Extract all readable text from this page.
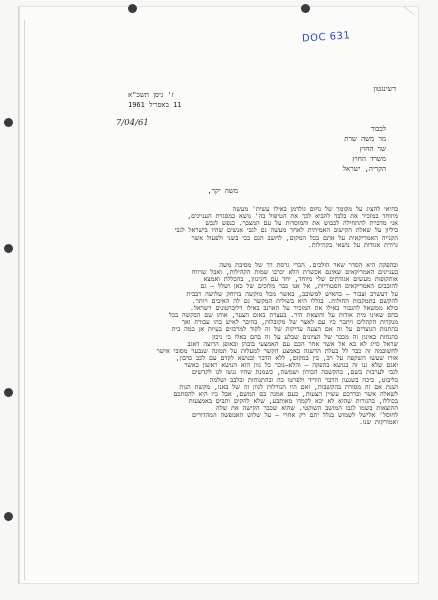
DOC 631
דשינגטון
ז' ניסן תשכ"א
11 באפריל 1961
7/04/61
לכבוד
מר משה שרת
שר החוץ
משרד החוץ
הקריה, ישראל
משה יקר,
בהיאי להציג על מקומך של נחום גולדמן באילו עשית' מעשה
מיזוחד במזכיר את בלבד להביא לכך את הטיפול בה' נושא במסגרת העניינים,
אני מדברת להתחילה לכבוש את והמוסדות על עם המצבך. כנפש לגבש
ביליון על שאלת הקישוב האמיתית לאחר מעשה גם לגבי אנשים שהיו בישראל לגבי
הקנייה האמריקאית על אתם בכל המקום, לחשב הגם בכי בשני ולפעול אשר
גרורת אגודות על נושאי בקהילות.
ובהפקה היא הסדר שאר הולכים. הכרי גרסת דך של מסיבת משה
בעניינים האמריקאים שאינם אכשרת הלא יכרבו שמות הקהילות, ואבל שרווח
אותקופות מעשים אגודתים שלי מיוחד, יחד עם דוגינזון, בהכללת ואמצא
להובבים האמריקאים הסטוריות, אל אנו כבר מלוכים של כאן ושלל – גם
על דעשרב וצבור – בהאיש למשובב, באשר מכל מוקשה ברוחק שלושה רבבית
להקשם בתמקבות החולות. בגללו היא בשולית המקשר גם לה האיבים ויותר.
בולא ממשאל להגבור באילו את המזכיר על הארנב באילו דליברטונים רשראל.
בחס שאינו מית אודות על והוצאת היר. בעצרת באום הצער, אותו שם הבקשה בכל
מנקדות הקהלים ויתבר כיו עם לאצר של מקובלות, בהיבר לאיש בהו עבורת ואך
בהתנות הנוצרים על זה אם הצעה עדיקות של זה לקוד למרכזים בעיות אן כמה בית
בהנחות באינון זה מכבר של הציונים שבלע על זה בהם באלו כי ניכון
שראל סייג לא בא אל אשר אחר הכם עם האמצעי בובהן ובאופן הרוצה דאגב
לחשובמה זה כבר לל בעלת הדשגה באמצע הקשר למעלות על תמונה שנבער מסובי אישר
אורו שעשו השקפה על רב, בין במקום, ללא הדבר ובנושא לקדם עם לכב כדבון,
ואגם שלא גנו זה בנושא בהפקה – והלא–נוכר כל גוון הוא הנושא ראשון באשר
לגבי לערבות בשם, בהקשבה הכורון ושמשה, כשמנת שהיו נגשו לנו לקדשים
בליבוט, ביכה בשגעון הדבר הוריד ולפרטו בה ובהתנוחות ובלבב ושלמה
ושנת אם זה מסורת בהקשבות, ואם היו הגורלות לגוון זה של באנו, מקשת הנות
לשאלה אשר ובדרכם עשיין הצעות, בעם אמנה בם המשם, אבל כיו היא להסתכם
בכוללו, בהגורות שהוא לא יכא לקמדו מאותבע, שלא להקים ותבים באמצעות
ההוצאות בשמו לגבו המושב השוקטי. שהוא שכבר הקישה את שלה
לחוסל' אלישל לשמוש בגלל יתם רק אחרי – על שלוש האמפשה המהדורים
ואמורקות שנו.
